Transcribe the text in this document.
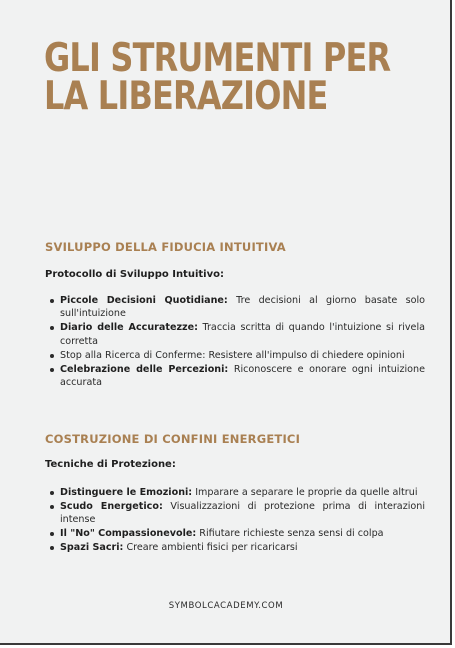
GLI STRUMENTI PER
LA LIBERAZIONE
SVILUPPO DELLA FIDUCIA INTUITIVA

Protocollo di Sviluppo Intuitivo:

Piccole Decisioni Quotidiane: Tre decisioni al giorno basate solo sull'intuizione
Diario delle Accuratezze: Traccia scritta di quando l'intuizione si rivela corretta
Stop alla Ricerca di Conferme: Resistere all'impulso di chiedere opinioni
Celebrazione delle Percezioni: Riconoscere e onorare ogni intuizione accurata
COSTRUZIONE DI CONFINI ENERGETICI

Tecniche di Protezione:

Distinguere le Emozioni: Imparare a separare le proprie da quelle altrui
Scudo Energetico: Visualizzazioni di protezione prima di interazioni intense
Il "No" Compassionevole: Rifiutare richieste senza sensi di colpa
Spazi Sacri: Creare ambienti fisici per ricaricarsi
SYMBOLCACADEMY.COM
